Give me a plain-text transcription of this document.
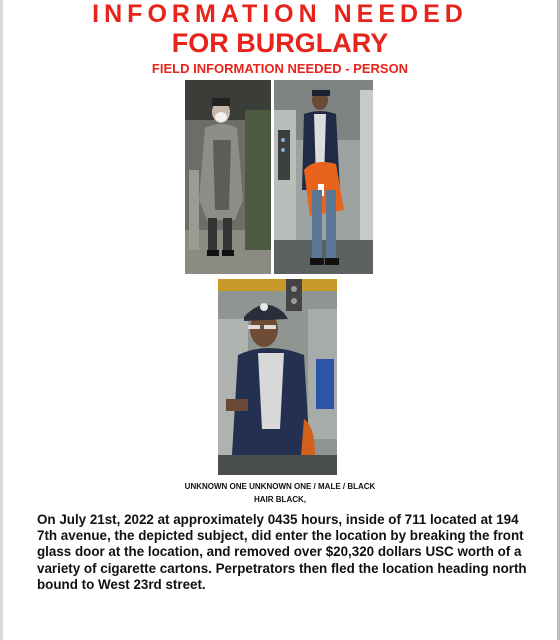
INFORMATION NEEDED
FOR BURGLARY
FIELD INFORMATION NEEDED - PERSON
UNKNOWN ONE UNKNOWN ONE / MALE / BLACK
HAIR BLACK,
On July 21st, 2022 at approximately 0435 hours, inside of 711 located at 194 7th avenue, the depicted subject, did enter the location by breaking the front glass door at the location, and removed over $20,320 dollars USC worth of a variety of cigarette cartons. Perpetrators then fled the location heading north bound to West 23rd street.
